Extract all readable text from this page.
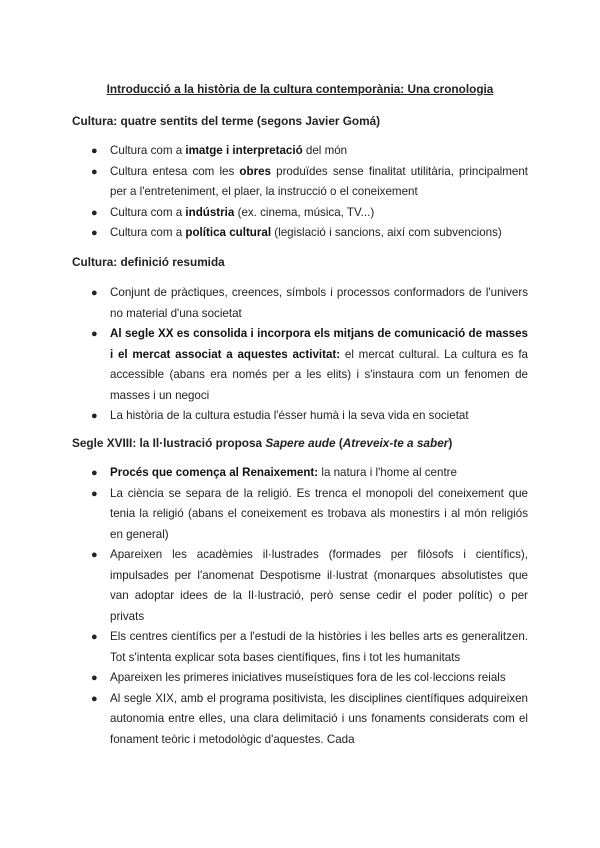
Introducció a la història de la cultura contemporània: Una cronologia
Cultura: quatre sentits del terme (segons Javier Gomá)
● Cultura com a imatge i interpretació del món
● Cultura entesa com les obres produïdes sense finalitat utilitària, principalment per a l'entreteniment, el plaer, la instrucció o el coneixement
● Cultura com a indústria (ex. cinema, música, TV...)
● Cultura com a política cultural (legislació i sancions, així com subvencions)
Cultura: definició resumida
● Conjunt de pràctiques, creences, símbols i processos conformadors de l'univers no material d'una societat
● Al segle XX es consolida i incorpora els mitjans de comunicació de masses i el mercat associat a aquestes activitat: el mercat cultural. La cultura es fa accessible (abans era només per a les elits) i s'instaura com un fenomen de masses i un negoci
● La història de la cultura estudia l'ésser humà i la seva vida en societat
Segle XVIII: la Il·lustració proposa Sapere aude (Atreveix-te a saber)
● Procés que comença al Renaixement: la natura i l'home al centre
● La ciència se separa de la religió. Es trenca el monopoli del coneixement que tenia la religió (abans el coneixement es trobava als monestirs i al món religiós en general)
● Apareixen les acadèmies il·lustrades (formades per filòsofs i científics), impulsades per l'anomenat Despotisme il·lustrat (monarques absolutistes que van adoptar idees de la Il·lustració, però sense cedir el poder polític) o per privats
● Els centres científics per a l'estudi de la històries i les belles arts es generalitzen. Tot s'intenta explicar sota bases científiques, fins i tot les humanitats
● Apareixen les primeres iniciatives museístiques fora de les col·leccions reials
● Al segle XIX, amb el programa positivista, les disciplines científiques adquireixen autonomia entre elles, una clara delimitació i uns fonaments considerats com el fonament teòric i metodològic d'aquestes. Cada
